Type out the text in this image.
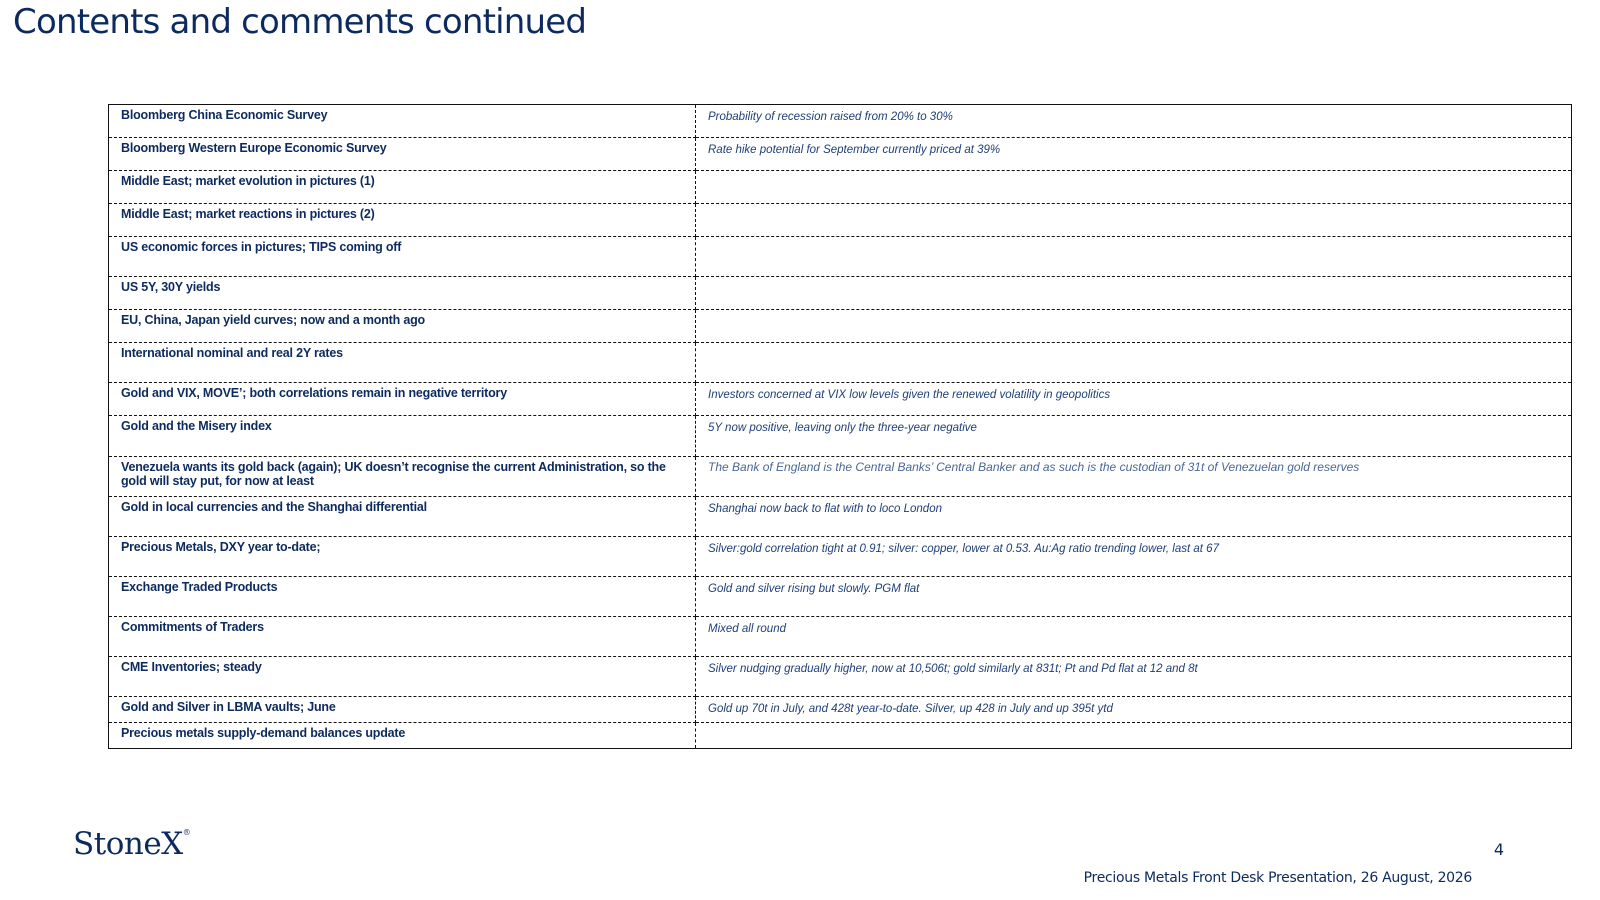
Contents and comments continued
Bloomberg China Economic Survey	Probability of recession raised from 20% to 30%
Bloomberg Western Europe Economic Survey	Rate hike potential for September currently priced at 39%
Middle East; market evolution in pictures (1)	
Middle East; market reactions in pictures (2)	
US economic forces in pictures; TIPS coming off	
US 5Y, 30Y yields	
EU, China, Japan yield curves; now and a month ago	
International nominal and real 2Y rates	
Gold and VIX, MOVE’; both correlations remain in negative territory	Investors concerned at VIX low levels given the renewed volatility in geopolitics
Gold and the Misery index	5Y now positive, leaving only the three-year negative
Venezuela wants its gold back (again); UK doesn’t recognise the current Administration, so the gold will stay put, for now at least	The Bank of England is the Central Banks’ Central Banker and as such is the custodian of 31t of Venezuelan gold reserves
Gold in local currencies and the Shanghai differential	Shanghai now back to flat with to loco London
Precious Metals, DXY year to-date;	Silver:gold correlation tight at 0.91; silver: copper, lower at 0.53. Au:Ag ratio trending lower, last at 67
Exchange Traded Products	Gold and silver rising but slowly. PGM flat
Commitments of Traders	Mixed all round
CME Inventories; steady	Silver nudging gradually higher, now at 10,506t; gold similarly at 831t; Pt and Pd flat at 12 and 8t
Gold and Silver in LBMA vaults; June	Gold up 70t in July, and 428t year-to-date. Silver, up 428 in July and up 395t ytd
Precious metals supply-demand balances update	
StoneX®
4
Precious Metals Front Desk Presentation, 26 August, 2026
